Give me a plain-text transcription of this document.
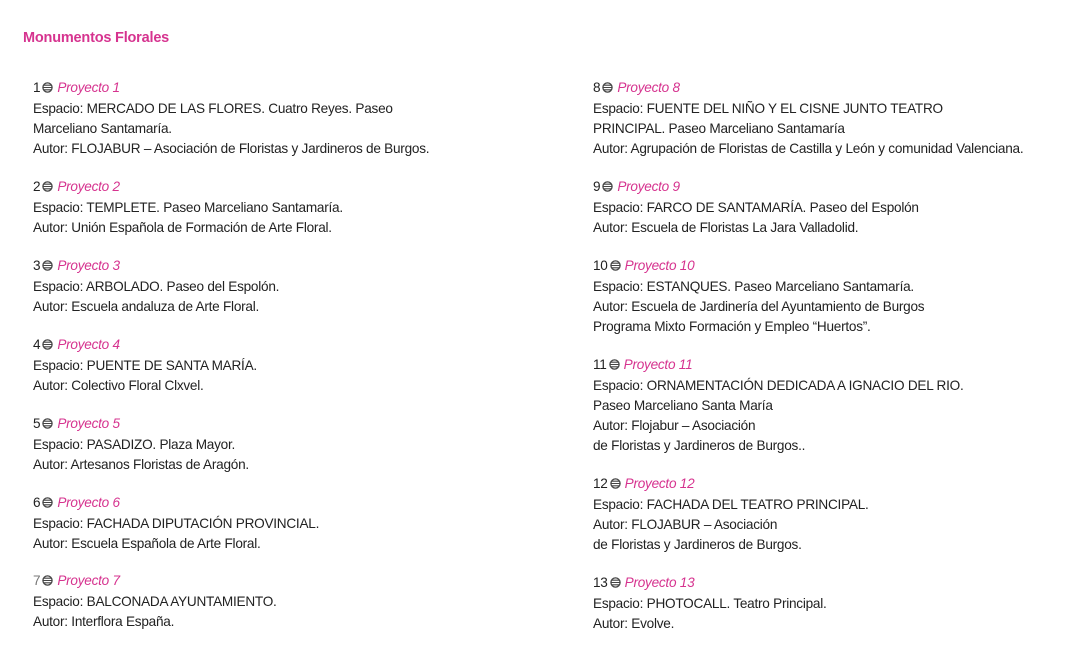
Monumentos Florales
1 Proyecto 1
Espacio: MERCADO DE LAS FLORES. Cuatro Reyes. Paseo
Marceliano Santamaría.
Autor: FLOJABUR – Asociación de Floristas y Jardineros de Burgos.
2 Proyecto 2
Espacio: TEMPLETE. Paseo Marceliano Santamaría.
Autor: Unión Española de Formación de Arte Floral.
3 Proyecto 3
Espacio: ARBOLADO. Paseo del Espolón.
Autor: Escuela andaluza de Arte Floral.
4 Proyecto 4
Espacio: PUENTE DE SANTA MARÍA.
Autor: Colectivo Floral Clxvel.
5 Proyecto 5
Espacio: PASADIZO. Plaza Mayor.
Autor: Artesanos Floristas de Aragón.
6 Proyecto 6
Espacio: FACHADA DIPUTACIÓN PROVINCIAL.
Autor: Escuela Española de Arte Floral.
7 Proyecto 7
Espacio: BALCONADA AYUNTAMIENTO.
Autor: Interflora España.
8 Proyecto 8
Espacio: FUENTE DEL NIÑO Y EL CISNE JUNTO TEATRO
PRINCIPAL. Paseo Marceliano Santamaría
Autor: Agrupación de Floristas de Castilla y León y comunidad Valenciana.
9 Proyecto 9
Espacio: FARCO DE SANTAMARÍA. Paseo del Espolón
Autor: Escuela de Floristas La Jara Valladolid.
10 Proyecto 10
Espacio: ESTANQUES. Paseo Marceliano Santamaría.
Autor: Escuela de Jardinería del Ayuntamiento de Burgos
Programa Mixto Formación y Empleo “Huertos”.
11 Proyecto 11
Espacio: ORNAMENTACIÓN DEDICADA A IGNACIO DEL RIO.
Paseo Marceliano Santa María
Autor: Flojabur – Asociación
de Floristas y Jardineros de Burgos..
12 Proyecto 12
Espacio: FACHADA DEL TEATRO PRINCIPAL.
Autor: FLOJABUR – Asociación
de Floristas y Jardineros de Burgos.
13 Proyecto 13
Espacio: PHOTOCALL. Teatro Principal.
Autor: Evolve.
